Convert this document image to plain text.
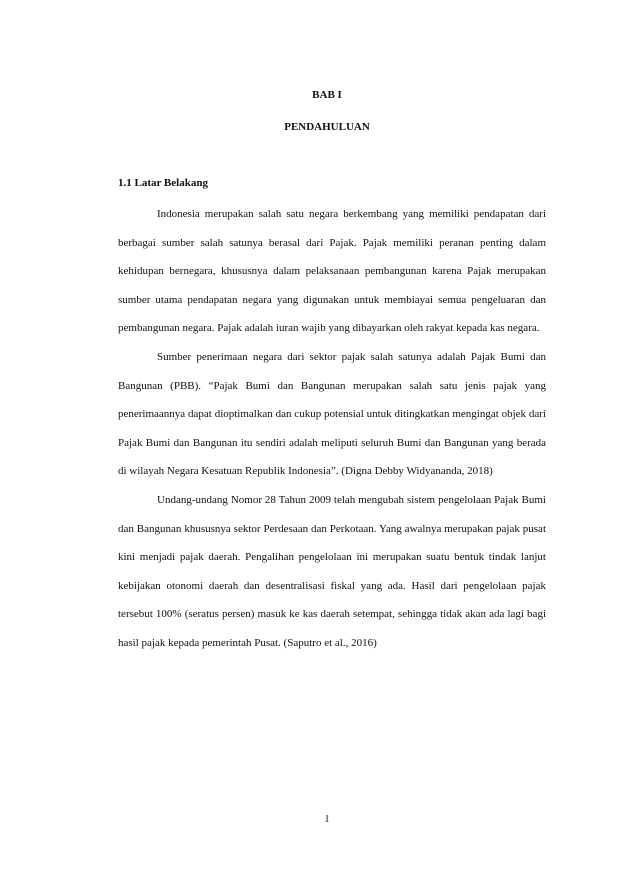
BAB I
PENDAHULUAN
1.1 Latar Belakang

Indonesia merupakan salah satu negara berkembang yang memiliki pendapatan dari berbagai sumber salah satunya berasal dari Pajak. Pajak memiliki peranan penting dalam kehidupan bernegara, khususnya dalam pelaksanaan pembangunan karena Pajak merupakan sumber utama pendapatan negara yang digunakan untuk membiayai semua pengeluaran dan pembangunan negara. Pajak adalah iuran wajib yang dibayarkan oleh rakyat kepada kas negara.

Sumber penerimaan negara dari sektor pajak salah satunya adalah Pajak Bumi dan Bangunan (PBB). “Pajak Bumi dan Bangunan merupakan salah satu jenis pajak yang penerimaannya dapat dioptimalkan dan cukup potensial untuk ditingkatkan mengingat objek dari Pajak Bumi dan Bangunan itu sendiri adalah meliputi seluruh Bumi dan Bangunan yang berada di wilayah Negara Kesatuan Republik Indonesia”. (Digna Debby Widyananda, 2018)

Undang-undang Nomor 28 Tahun 2009 telah mengubah sistem pengelolaan Pajak Bumi dan Bangunan khususnya sektor Perdesaan dan Perkotaan. Yang awalnya merupakan pajak pusat kini menjadi pajak daerah. Pengalihan pengelolaan ini merupakan suatu bentuk tindak lanjut kebijakan otonomi daerah dan desentralisasi fiskal yang ada. Hasil dari pengelolaan pajak tersebut 100% (seratus persen) masuk ke kas daerah setempat, sehingga tidak akan ada lagi bagi hasil pajak kepada pemerintah Pusat. (Saputro et al., 2016)

1
